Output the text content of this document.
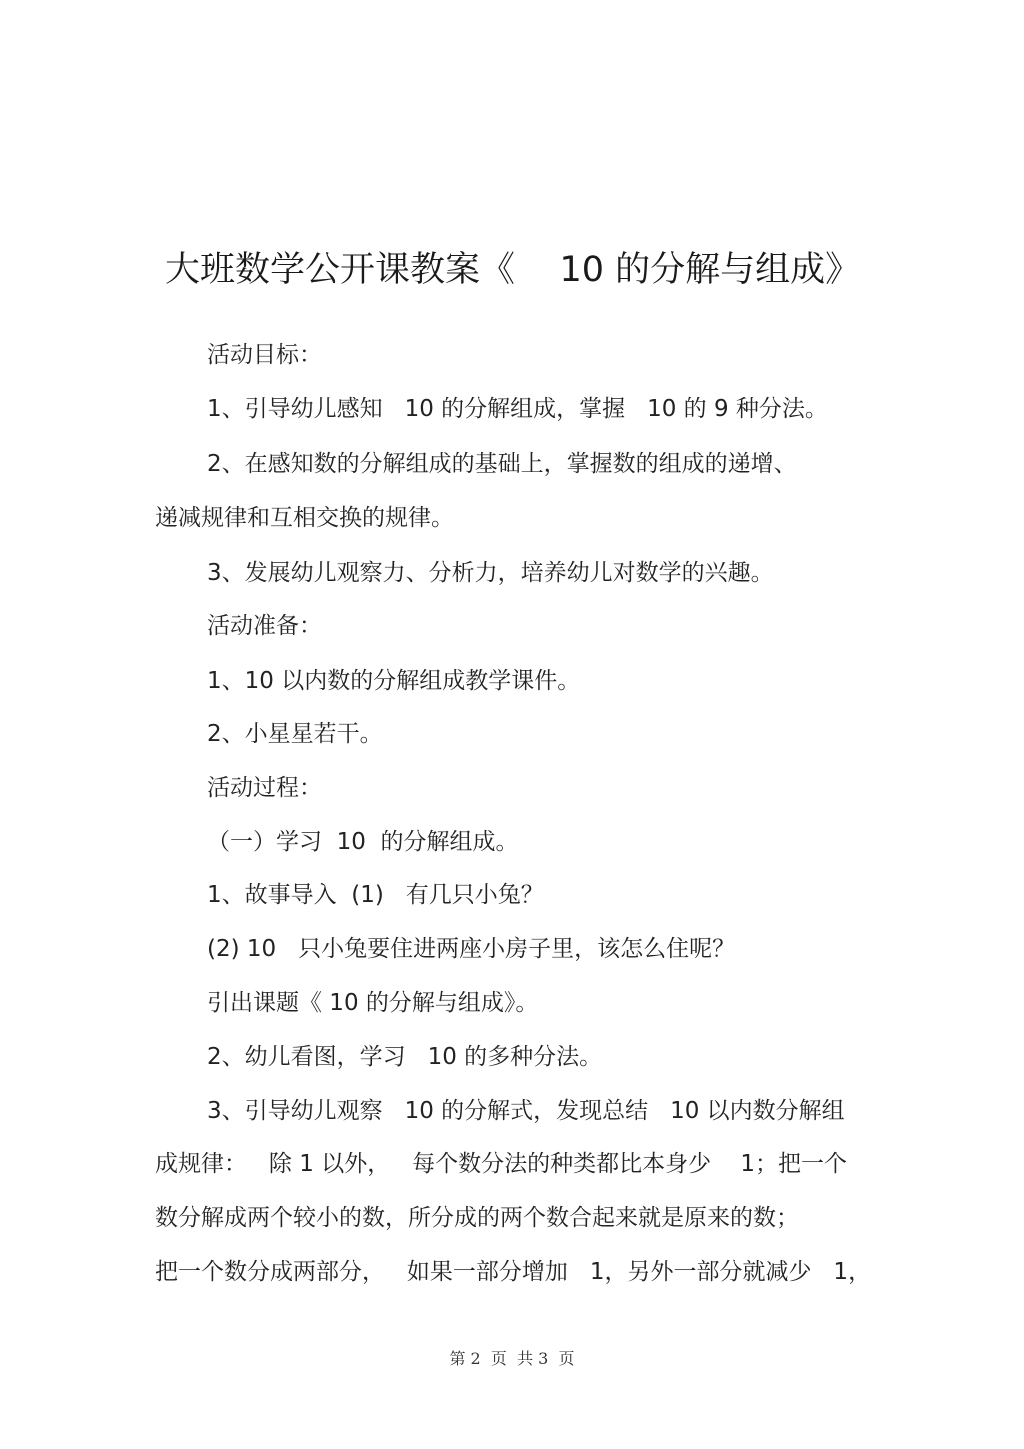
大班数学公开课教案《    10 的分解与组成》
活动目标：
1、引导幼儿感知   10 的分解组成，掌握   10 的 9 种分法。
2、在感知数的分解组成的基础上，掌握数的组成的递增、
递减规律和互相交换的规律。
3、发展幼儿观察力、分析力，培养幼儿对数学的兴趣。
活动准备：
1、10 以内数的分解组成教学课件。
2、小星星若干。
活动过程：
（一）学习  10  的分解组成。
1、故事导入  (1)   有几只小兔？
(2) 10   只小兔要住进两座小房子里，该怎么住呢？
引出课题《 10 的分解与组成》。
2、幼儿看图，学习   10 的多种分法。
3、引导幼儿观察   10 的分解式，发现总结   10 以内数分解组
成规律：   除 1 以外，   每个数分法的种类都比本身少    1；把一个
数分解成两个较小的数，所分成的两个数合起来就是原来的数；
把一个数分成两部分，   如果一部分增加   1，另外一部分就减少   1，
第 2  页  共 3  页
